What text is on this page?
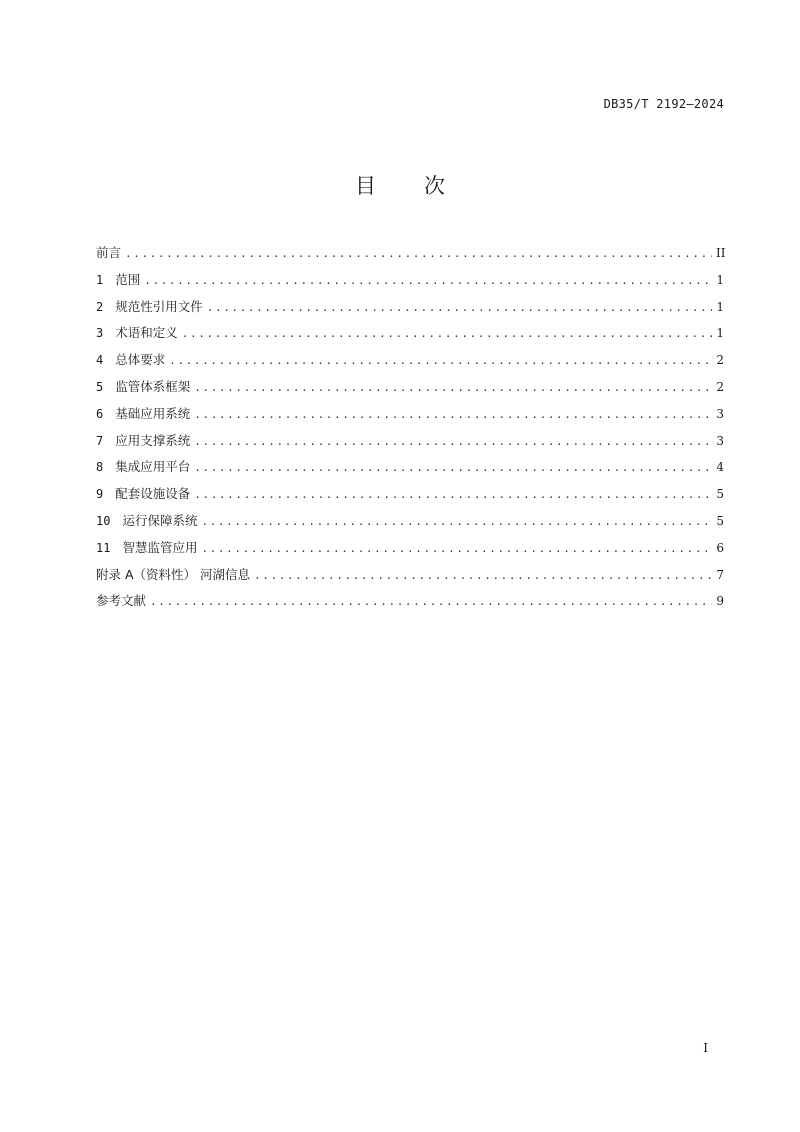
DB35/T 2192—2024
目 次
前言 .....	II
1 范围 .....	1
2 规范性引用文件 .....	1
3 术语和定义 .....	1
4 总体要求 .....	2
5 监管体系框架 .....	2
6 基础应用系统 .....	3
7 应用支撑系统 .....	3
8 集成应用平台 .....	4
9 配套设施设备 .....	5
10 运行保障系统 .....	5
11 智慧监管应用 .....	6
附录 A（资料性） 河湖信息 .....	7
参考文献 .....	9
I
